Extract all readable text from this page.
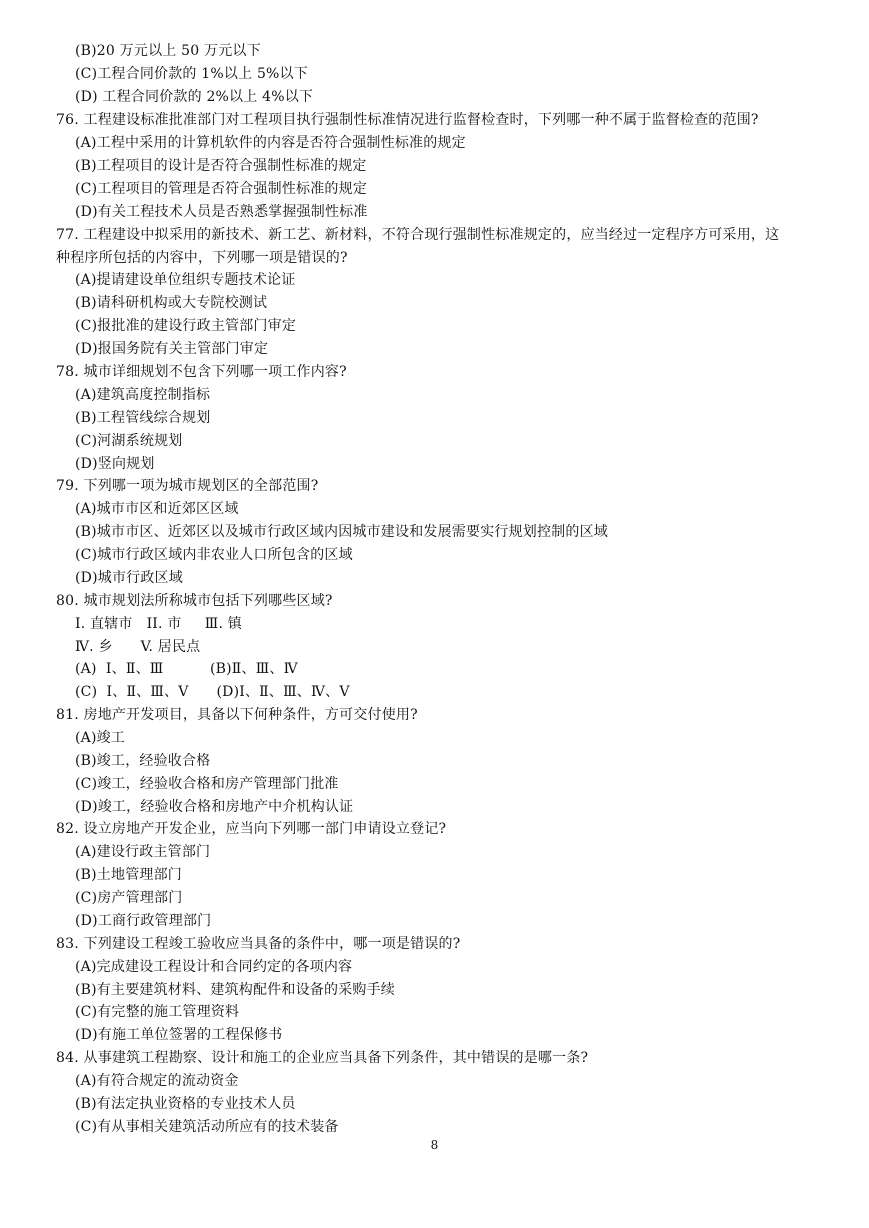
(B)20 万元以上 50 万元以下
(C)工程合同价款的 1%以上 5%以下
(D) 工程合同价款的 2%以上 4%以下
76. 工程建设标准批准部门对工程项目执行强制性标准情况进行监督检查时，下列哪一种不属于监督检查的范围?
(A)工程中采用的计算机软件的内容是否符合强制性标准的规定
(B)工程项目的设计是否符合强制性标准的规定
(C)工程项目的管理是否符合强制性标准的规定
(D)有关工程技术人员是否熟悉掌握强制性标准
77. 工程建设中拟采用的新技术、新工艺、新材料，不符合现行强制性标准规定的，应当经过一定程序方可采用，这
种程序所包括的内容中，下列哪一项是错误的?
(A)提请建设单位组织专题技术论证
(B)请科研机构或大专院校测试
(C)报批准的建设行政主管部门审定
(D)报国务院有关主管部门审定
78. 城市详细规划不包含下列哪一项工作内容?
(A)建筑高度控制指标
(B)工程管线综合规划
(C)河湖系统规划
(D)竖向规划
79. 下列哪一项为城市规划区的全部范围?
(A)城市市区和近郊区区域
(B)城市市区、近郊区以及城市行政区域内因城市建设和发展需要实行规划控制的区域
(C)城市行政区域内非农业人口所包含的区域
(D)城市行政区域
80. 城市规划法所称城市包括下列哪些区域?
I. 直辖市   II. 市     Ⅲ. 镇
Ⅳ. 乡      V. 居民点
(A)  Ⅰ、Ⅱ、Ⅲ          (B)Ⅱ、Ⅲ、Ⅳ
(C)  Ⅰ、Ⅱ、Ⅲ、Ⅴ      (D)Ⅰ、Ⅱ、Ⅲ、Ⅳ、Ⅴ
81. 房地产开发项目，具备以下何种条件，方可交付使用?
(A)竣工
(B)竣工，经验收合格
(C)竣工，经验收合格和房产管理部门批准
(D)竣工，经验收合格和房地产中介机构认证
82. 设立房地产开发企业，应当向下列哪一部门申请设立登记?
(A)建设行政主管部门
(B)土地管理部门
(C)房产管理部门
(D)工商行政管理部门
83. 下列建设工程竣工验收应当具备的条件中，哪一项是错误的?
(A)完成建设工程设计和合同约定的各项内容
(B)有主要建筑材料、建筑构配件和设备的采购手续
(C)有完整的施工管理资料
(D)有施工单位签署的工程保修书
84. 从事建筑工程勘察、设计和施工的企业应当具备下列条件，其中错误的是哪一条?
(A)有符合规定的流动资金
(B)有法定执业资格的专业技术人员
(C)有从事相关建筑活动所应有的技术装备
8
